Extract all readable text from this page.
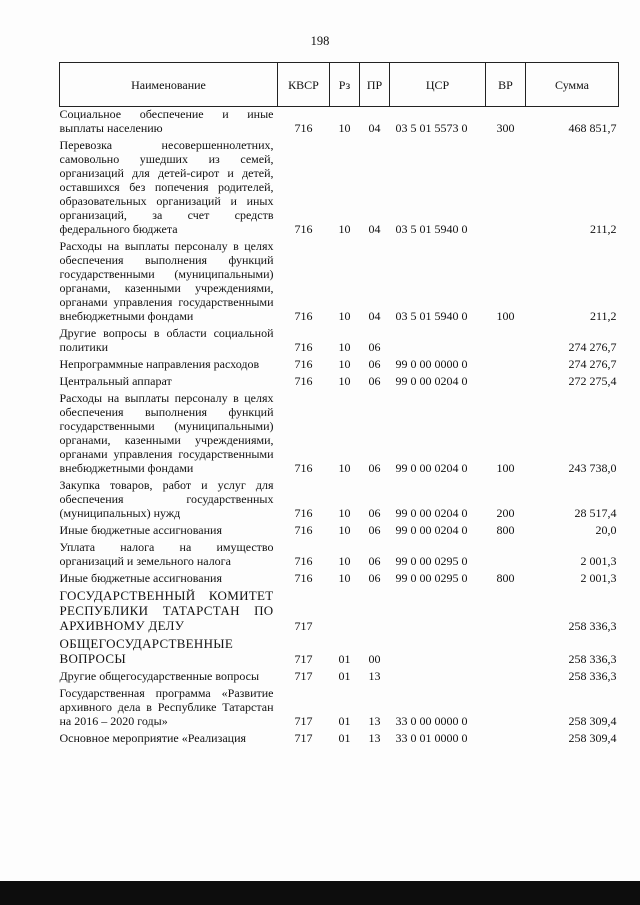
198
Наименование	КВСР	Рз	ПР	ЦСР	ВР	Сумма
Социальное обеспечение и иные выплаты населению	716	10	04	03 5 01 5573 0	300	468 851,7
Перевозка несовершеннолетних, самовольно ушедших из семей, организаций для детей-сирот и детей, оставшихся без попечения родителей, образовательных организаций и иных организаций, за счет средств федерального бюджета	716	10	04	03 5 01 5940 0		211,2
Расходы на выплаты персоналу в целях обеспечения выполнения функций государственными (муниципальными) органами, казенными учреждениями, органами управления государственными внебюджетными фондами	716	10	04	03 5 01 5940 0	100	211,2
Другие вопросы в области социальной политики	716	10	06			274 276,7
Непрограммные направления расходов	716	10	06	99 0 00 0000 0		274 276,7
Центральный аппарат	716	10	06	99 0 00 0204 0		272 275,4
Расходы на выплаты персоналу в целях обеспечения выполнения функций государственными (муниципальными) органами, казенными учреждениями, органами управления государственными внебюджетными фондами	716	10	06	99 0 00 0204 0	100	243 738,0
Закупка товаров, работ и услуг для обеспечения государственных (муниципальных) нужд	716	10	06	99 0 00 0204 0	200	28 517,4
Иные бюджетные ассигнования	716	10	06	99 0 00 0204 0	800	20,0
Уплата налога на имущество организаций и земельного налога	716	10	06	99 0 00 0295 0		2 001,3
Иные бюджетные ассигнования	716	10	06	99 0 00 0295 0	800	2 001,3
ГОСУДАРСТВЕННЫЙ КОМИТЕТ РЕСПУБЛИКИ ТАТАРСТАН ПО АРХИВНОМУ ДЕЛУ	717					258 336,3
ОБЩЕГОСУДАРСТВЕННЫЕ ВОПРОСЫ	717	01	00			258 336,3
Другие общегосударственные вопросы	717	01	13			258 336,3
Государственная программа «Развитие архивного дела в Республике Татарстан на 2016 – 2020 годы»	717	01	13	33 0 00 0000 0		258 309,4
Основное мероприятие «Реализация	717	01	13	33 0 01 0000 0		258 309,4
